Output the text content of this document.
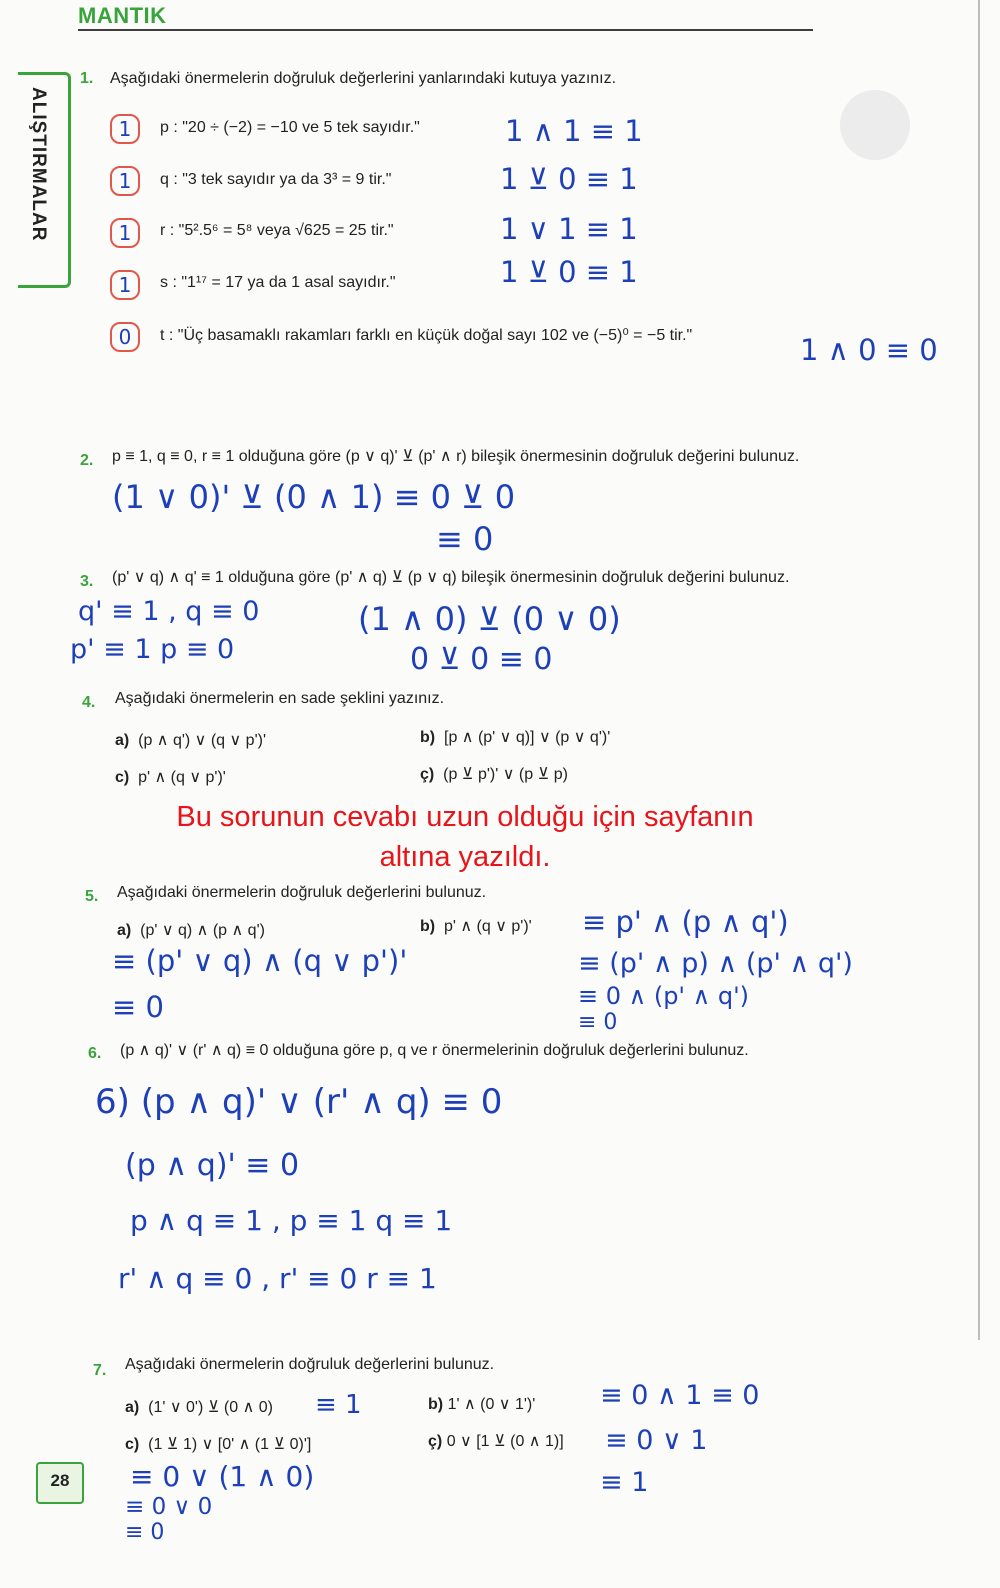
MANTIK
ALIŞTIRMALAR
1. Aşağıdaki önermelerin doğruluk değerlerini yanlarındaki kutuya yazınız.
1	p : "20 ÷ (−2) = −10 ve 5 tek sayıdır."	1 ∧ 1 ≡ 1
1	q : "3 tek sayıdır ya da 3³ = 9 tir."	1 ⊻ 0 ≡ 1
1	r : "5².5⁶ = 5⁸ veya √625 = 25 tir."	1 ∨ 1 ≡ 1
1	s : "1¹⁷ = 17 ya da 1 asal sayıdır."	1 ⊻ 0 ≡ 1
0	t : "Üç basamaklı rakamları farklı en küçük doğal sayı 102 ve (−5)⁰ = −5 tir."	1 ∧ 0 ≡ 0
2. p ≡ 1, q ≡ 0, r ≡ 1 olduğuna göre (p ∨ q)' ⊻ (p' ∧ r) bileşik önermesinin doğruluk değerini bulunuz.
(1 ∨ 0)' ⊻ (0 ∧ 1) ≡ 0 ⊻ 0
≡ 0
3. (p' ∨ q) ∧ q' ≡ 1 olduğuna göre (p' ∧ q) ⊻ (p ∨ q) bileşik önermesinin doğruluk değerini bulunuz.
q' ≡ 1 , q ≡ 0
p' ≡ 1 p ≡ 0
(1 ∧ 0) ⊻ (0 ∨ 0)
0 ⊻ 0 ≡ 0
4. Aşağıdaki önermelerin en sade şeklini yazınız.
a) (p ∧ q') ∨ (q ∨ p')'	b) [p ∧ (p' ∨ q)] ∨ (p ∨ q')'
c) p' ∧ (q ∨ p')'	ç) (p ⊻ p')' ∨ (p ⊻ p)
Bu sorunun cevabı uzun olduğu için sayfanın
altına yazıldı.
5. Aşağıdaki önermelerin doğruluk değerlerini bulunuz.
a) (p' ∨ q) ∧ (p ∧ q')	b) p' ∧ (q ∨ p')'
≡ (p' ∨ q) ∧ (q ∨ p')'
≡ 0
≡ p' ∧ (p ∧ q')
≡ (p' ∧ p) ∧ (p' ∧ q')
≡ 0 ∧ (p' ∧ q')
≡ 0
6. (p ∧ q)' ∨ (r' ∧ q) ≡ 0 olduğuna göre p, q ve r önermelerinin doğruluk değerlerini bulunuz.
6) (p ∧ q)' ∨ (r' ∧ q) ≡ 0
(p ∧ q)' ≡ 0
p ∧ q ≡ 1 , p ≡ 1 q ≡ 1
r' ∧ q ≡ 0 , r' ≡ 0 r ≡ 1
7. Aşağıdaki önermelerin doğruluk değerlerini bulunuz.
a) (1' ∨ 0') ⊻ (0 ∧ 0) ≡ 1	b) 1' ∧ (0 ∨ 1')' ≡ 0 ∧ 1 ≡ 0
c) (1 ⊻ 1) ∨ [0' ∧ (1 ⊻ 0)']
≡ 0 ∨ (1 ∧ 0)
≡ 0 ∨ 0
≡ 0
ç) 0 ∨ [1 ⊻ (0 ∧ 1)] ≡ 0 ∨ 1
≡ 1
28
